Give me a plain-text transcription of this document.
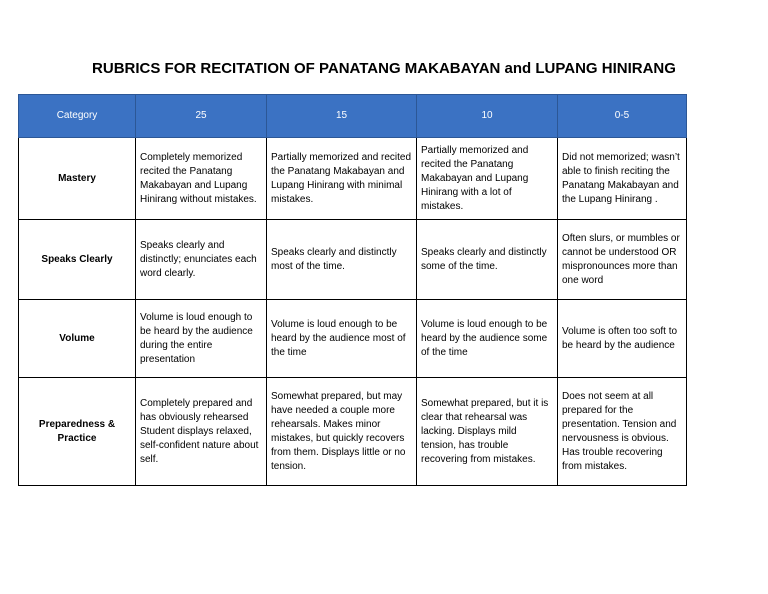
RUBRICS FOR RECITATION OF PANATANG MAKABAYAN and LUPANG HINIRANG
Category	25	15	10	0-5
Mastery	Completely memorized recited the Panatang Makabayan and Lupang Hinirang without mistakes.	Partially memorized and recited the Panatang Makabayan and Lupang Hinirang with minimal mistakes.	Partially memorized and recited the Panatang Makabayan and Lupang Hinirang with a lot of mistakes.	Did not memorized; wasn’t able to finish reciting the Panatang Makabayan and the Lupang Hinirang .
Speaks Clearly	Speaks clearly and distinctly; enunciates each word clearly.	Speaks clearly and distinctly most of the time.	Speaks clearly and distinctly some of the time.	Often slurs, or mumbles or cannot be understood OR mispronounces more than one word
Volume	Volume is loud enough to be heard by the audience during the entire presentation	Volume is loud enough to be heard by the audience most of the time	Volume is loud enough to be heard by the audience some of the time	Volume is often too soft to be heard by the audience
Preparedness & Practice	Completely prepared and has obviously rehearsed Student displays relaxed, self-confident nature about self.	Somewhat prepared, but may have needed a couple more rehearsals. Makes minor mistakes, but quickly recovers from them. Displays little or no tension.	Somewhat prepared, but it is clear that rehearsal was lacking. Displays mild tension, has trouble recovering from mistakes.	Does not seem at all prepared for the presentation. Tension and nervousness is obvious. Has trouble recovering from mistakes.
